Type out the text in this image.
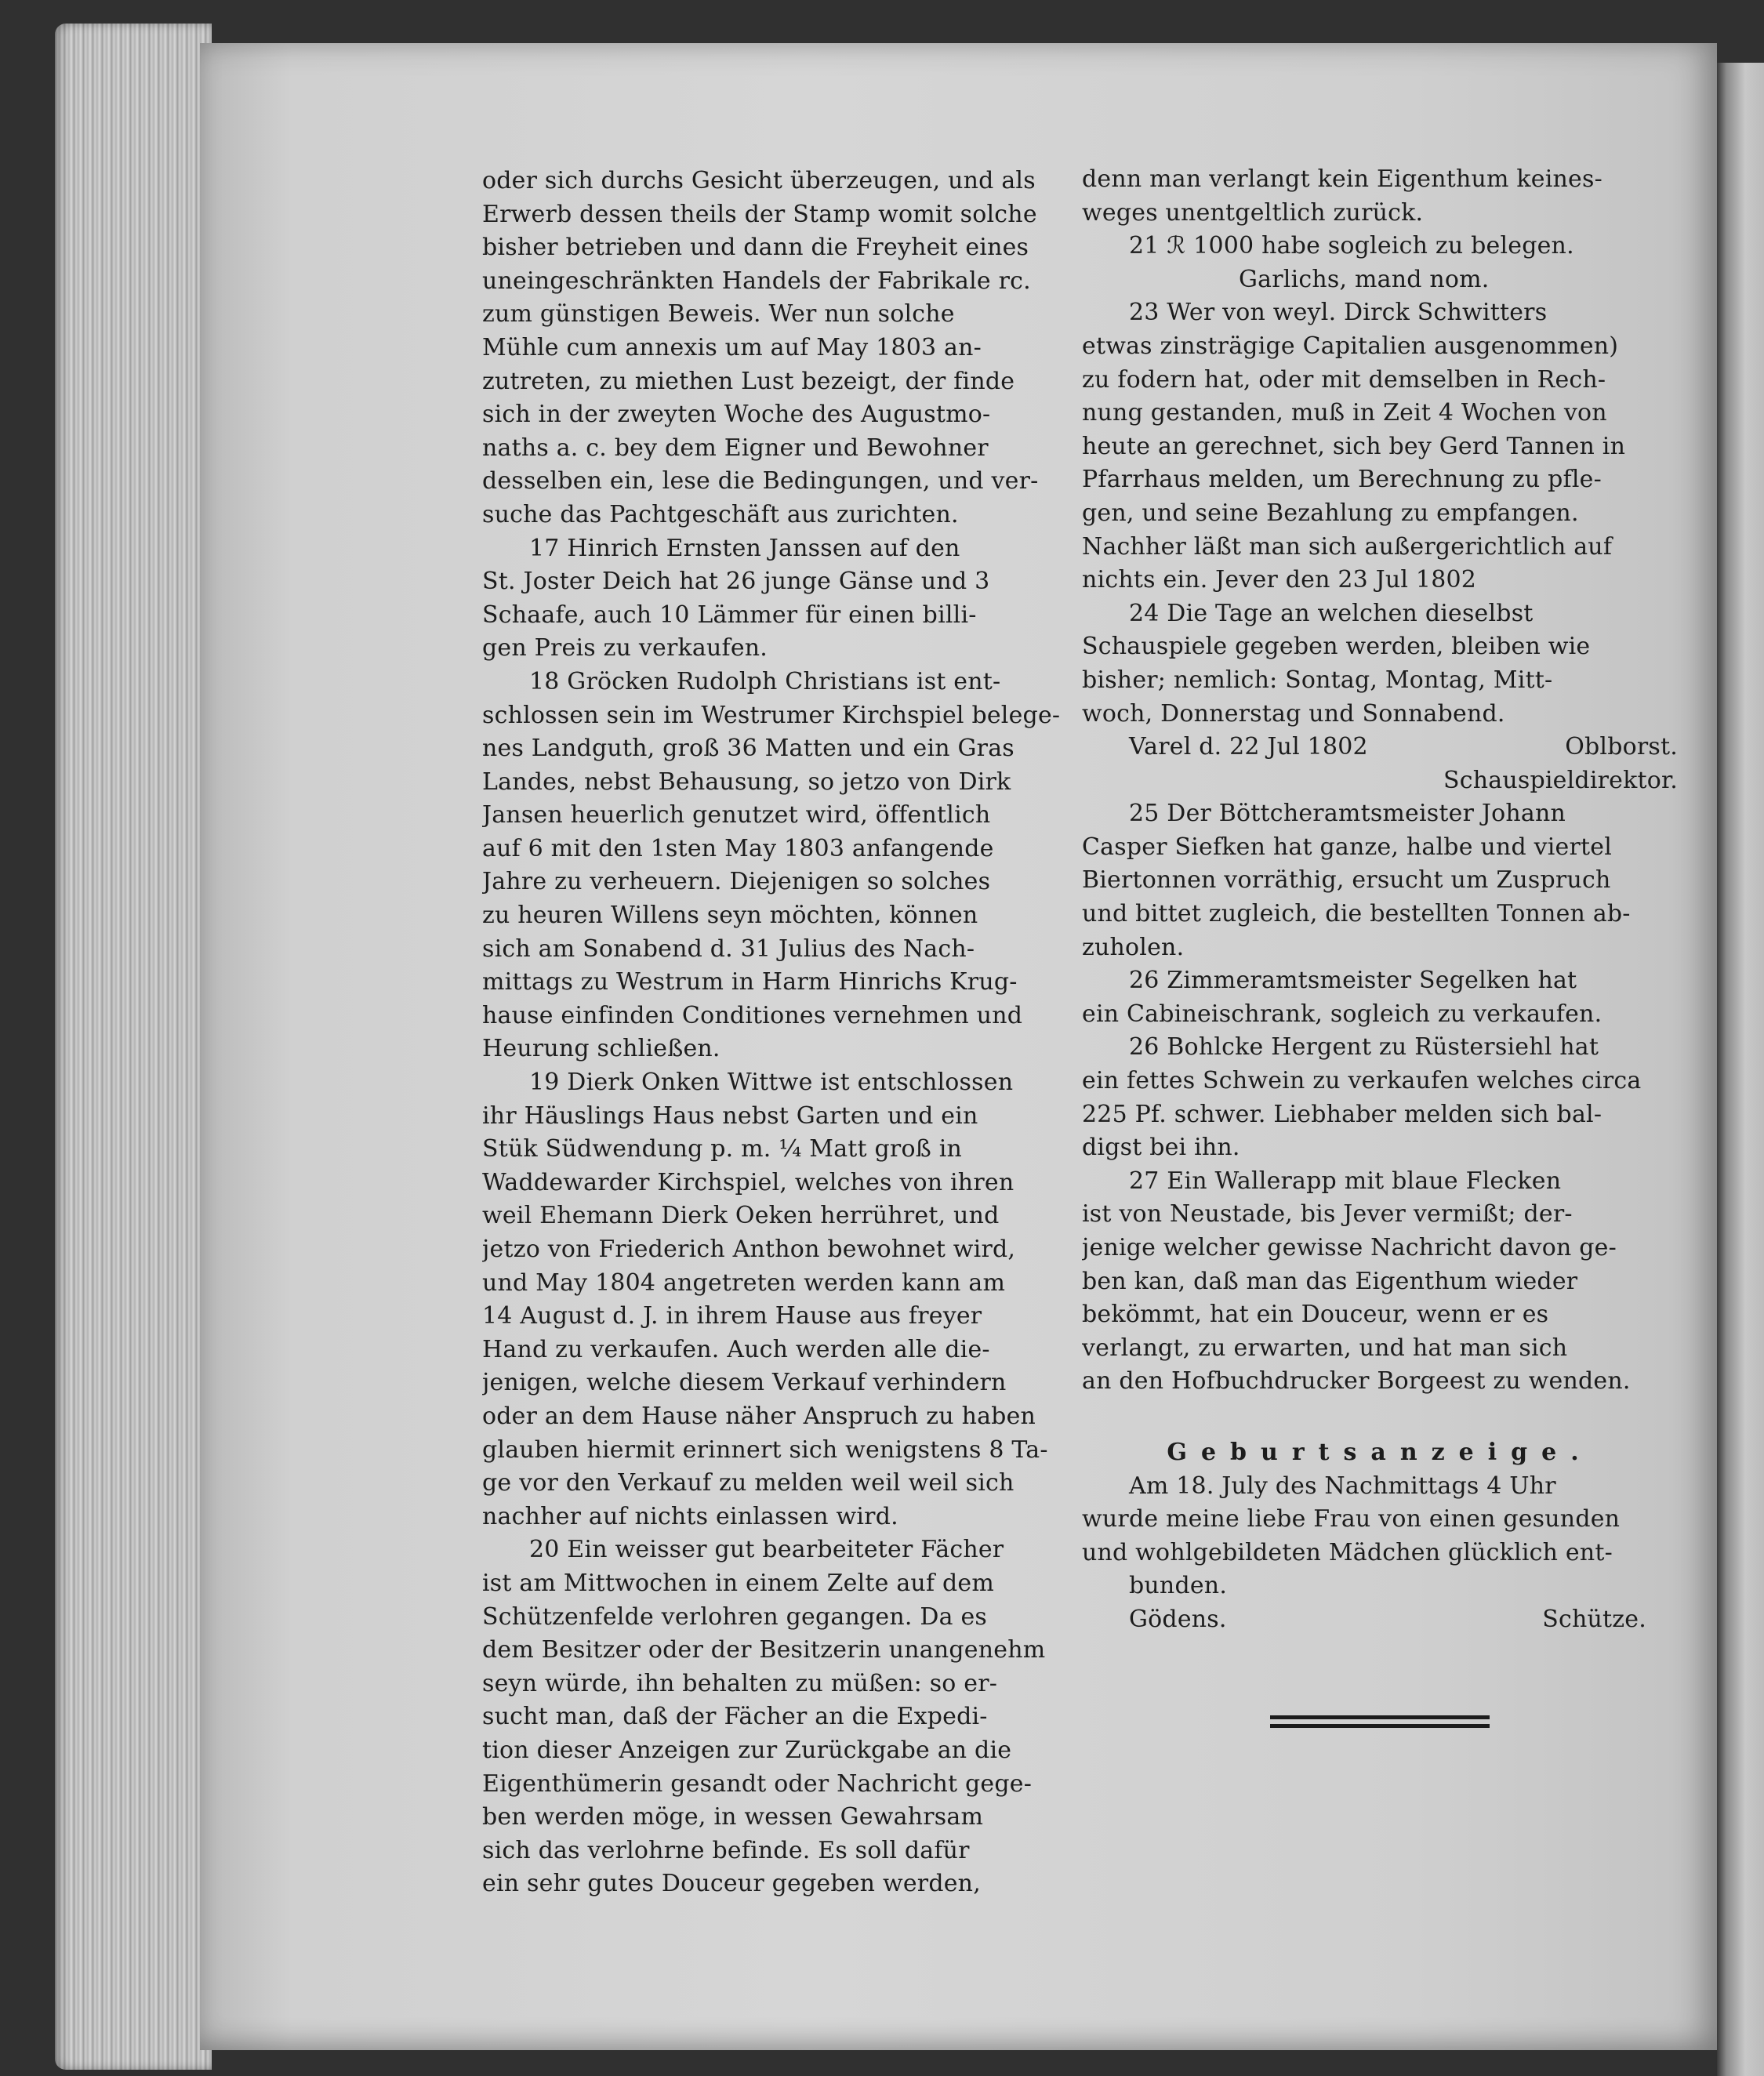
oder sich durchs Gesicht überzeugen, und als
Erwerb dessen theils der Stamp womit solche
bisher betrieben und dann die Freyheit eines
uneingeschränkten Handels der Fabrikale rc.
zum günstigen Beweis. Wer nun solche
Mühle cum annexis um auf May 1803 an-
zutreten, zu miethen Lust bezeigt, der finde
sich in der zweyten Woche des Augustmo-
naths a. c. bey dem Eigner und Bewohner
desselben ein, lese die Bedingungen, und ver-
suche das Pachtgeschäft aus zurichten.
17 Hinrich Ernsten Janssen auf den
St. Joster Deich hat 26 junge Gänse und 3
Schaafe, auch 10 Lämmer für einen billi-
gen Preis zu verkaufen.
18 Gröcken Rudolph Christians ist ent-
schlossen sein im Westrumer Kirchspiel belege-
nes Landguth, groß 36 Matten und ein Gras
Landes, nebst Behausung, so jetzo von Dirk
Jansen heuerlich genutzet wird, öffentlich
auf 6 mit den 1sten May 1803 anfangende
Jahre zu verheuern. Diejenigen so solches
zu heuren Willens seyn möchten, können
sich am Sonabend d. 31 Julius des Nach-
mittags zu Westrum in Harm Hinrichs Krug-
hause einfinden Conditiones vernehmen und
Heurung schließen.
19 Dierk Onken Wittwe ist entschlossen
ihr Häuslings Haus nebst Garten und ein
Stük Südwendung p. m. ¼ Matt groß in
Waddewarder Kirchspiel, welches von ihren
weil Ehemann Dierk Oeken herrühret, und
jetzo von Friederich Anthon bewohnet wird,
und May 1804 angetreten werden kann am
14 August d. J. in ihrem Hause aus freyer
Hand zu verkaufen. Auch werden alle die-
jenigen, welche diesem Verkauf verhindern
oder an dem Hause näher Anspruch zu haben
glauben hiermit erinnert sich wenigstens 8 Ta-
ge vor den Verkauf zu melden weil weil sich
nachher auf nichts einlassen wird.
20 Ein weisser gut bearbeiteter Fächer
ist am Mittwochen in einem Zelte auf dem
Schützenfelde verlohren gegangen. Da es
dem Besitzer oder der Besitzerin unangenehm
seyn würde, ihn behalten zu müßen: so er-
sucht man, daß der Fächer an die Expedi-
tion dieser Anzeigen zur Zurückgabe an die
Eigenthümerin gesandt oder Nachricht gege-
ben werden möge, in wessen Gewahrsam
sich das verlohrne befinde. Es soll dafür
ein sehr gutes Douceur gegeben werden,
denn man verlangt kein Eigenthum keines-
weges unentgeltlich zurück.
21 ℛ 1000 habe sogleich zu belegen.
Garlichs, mand nom.
23 Wer von weyl. Dirck Schwitters
etwas zinsträgige Capitalien ausgenommen)
zu fodern hat, oder mit demselben in Rech-
nung gestanden, muß in Zeit 4 Wochen von
heute an gerechnet, sich bey Gerd Tannen in
Pfarrhaus melden, um Berechnung zu pfle-
gen, und seine Bezahlung zu empfangen.
Nachher läßt man sich außergerichtlich auf
nichts ein. Jever den 23 Jul 1802
24 Die Tage an welchen dieselbst
Schauspiele gegeben werden, bleiben wie
bisher; nemlich: Sontag, Montag, Mitt-
woch, Donnerstag und Sonnabend.
Varel d. 22 Jul 1802	Oblborst.
Schauspieldirektor.
25 Der Böttcheramtsmeister Johann
Casper Siefken hat ganze, halbe und viertel
Biertonnen vorräthig, ersucht um Zuspruch
und bittet zugleich, die bestellten Tonnen ab-
zuholen.
26 Zimmeramtsmeister Segelken hat
ein Cabineischrank, sogleich zu verkaufen.
26 Bohlcke Hergent zu Rüstersiehl hat
ein fettes Schwein zu verkaufen welches circa
225 Pf. schwer. Liebhaber melden sich bal-
digst bei ihn.
27 Ein Wallerapp mit blaue Flecken
ist von Neustade, bis Jever vermißt; der-
jenige welcher gewisse Nachricht davon ge-
ben kan, daß man das Eigenthum wieder
bekömmt, hat ein Douceur, wenn er es
verlangt, zu erwarten, und hat man sich
an den Hofbuchdrucker Borgeest zu wenden.
Geburtsanzeige.
Am 18. July des Nachmittags 4 Uhr
wurde meine liebe Frau von einen gesunden
und wohlgebildeten Mädchen glücklich ent-
bunden.
Gödens.	Schütze.
